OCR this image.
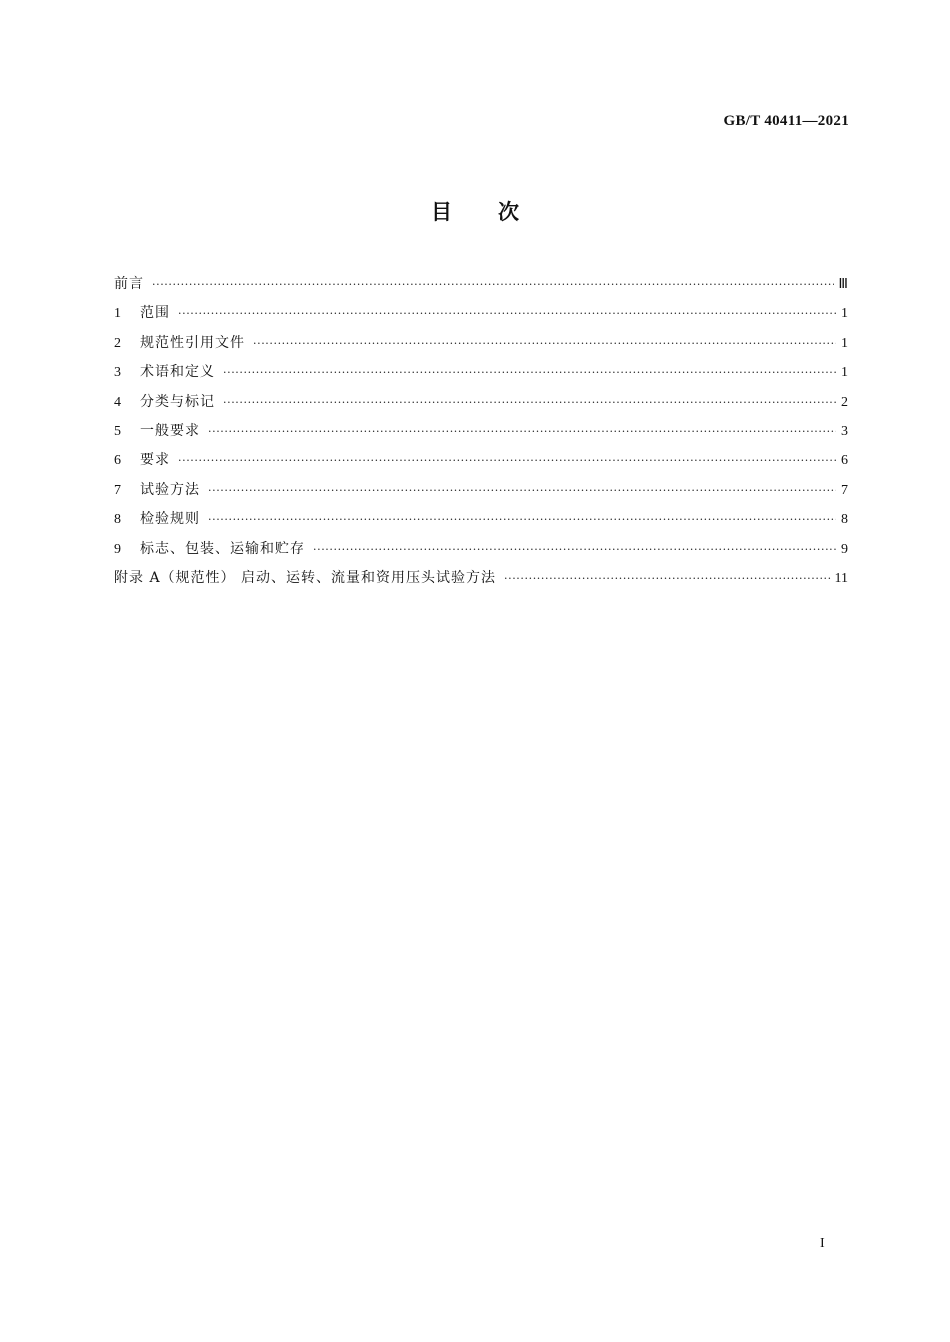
GB/T 40411—2021
目次
前言 ·····	Ⅲ
1	范围 ·····	1
2	规范性引用文件 ·····	1
3	术语和定义 ·····	1
4	分类与标记 ·····	2
5	一般要求 ·····	3
6	要求 ·····	6
7	试验方法 ·····	7
8	检验规则 ·····	8
9	标志、包装、运输和贮存 ·····	9
附录 A（规范性） 启动、运转、流量和资用压头试验方法 ·····	11
I
